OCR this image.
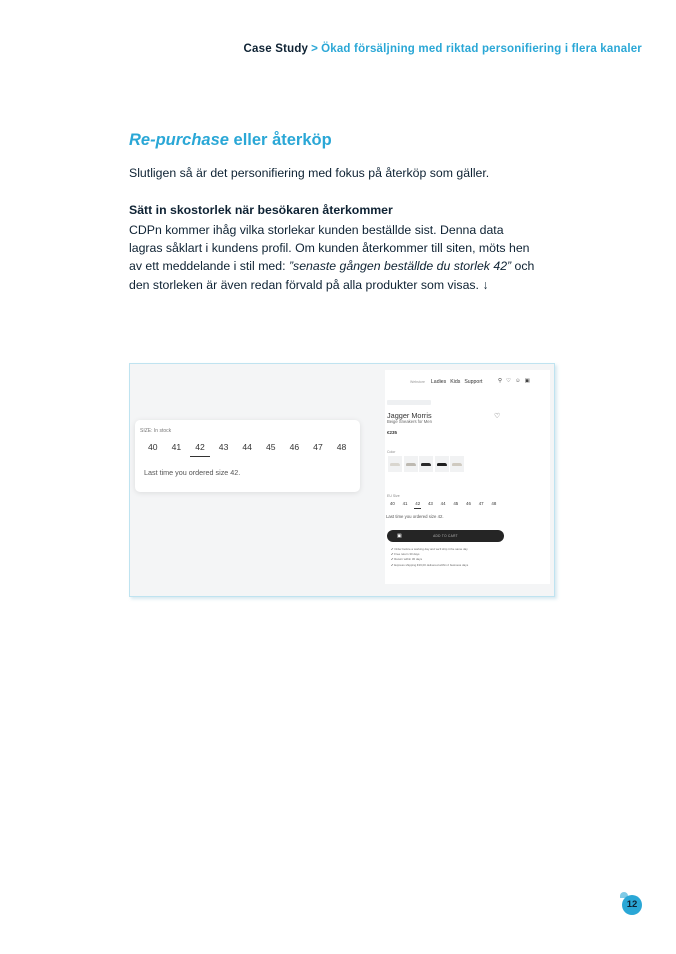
Case Study > Ökad försäljning med riktad personifiering i flera kanaler
Re-purchase eller återköp
Slutligen så är det personifiering med fokus på återköp som gäller.
Sätt in skostorlek när besökaren återkommer
CDPn kommer ihåg vilka storlekar kunden beställde sist. Denna data
lagras såklart i kundens profil. Om kunden återkommer till siten, möts hen
av ett meddelande i stil med: ”senaste gången beställde du storlek 42” och
den storleken är även redan förvald på alla produkter som visas. ↓
SIZE: In stock
40	41	42	43	44	45	46	47	48
Last time you ordered size 42.
Webstore Ladies Kids Support	⚲ ♡ ☺ ▣
Jagger Morris
Beige Sneakers for Men
♡
€235
Color
EU Size
40	41	42	43	44	45	46	47	48
Last time you ordered size 42.
▣	ADD TO CART
✔ Order before a working day and we'll ship it the same day
✔ Free return 30 days
✔ Return within 30 days
✔ Express shipping €16,00 delivered within 2 business days
12
